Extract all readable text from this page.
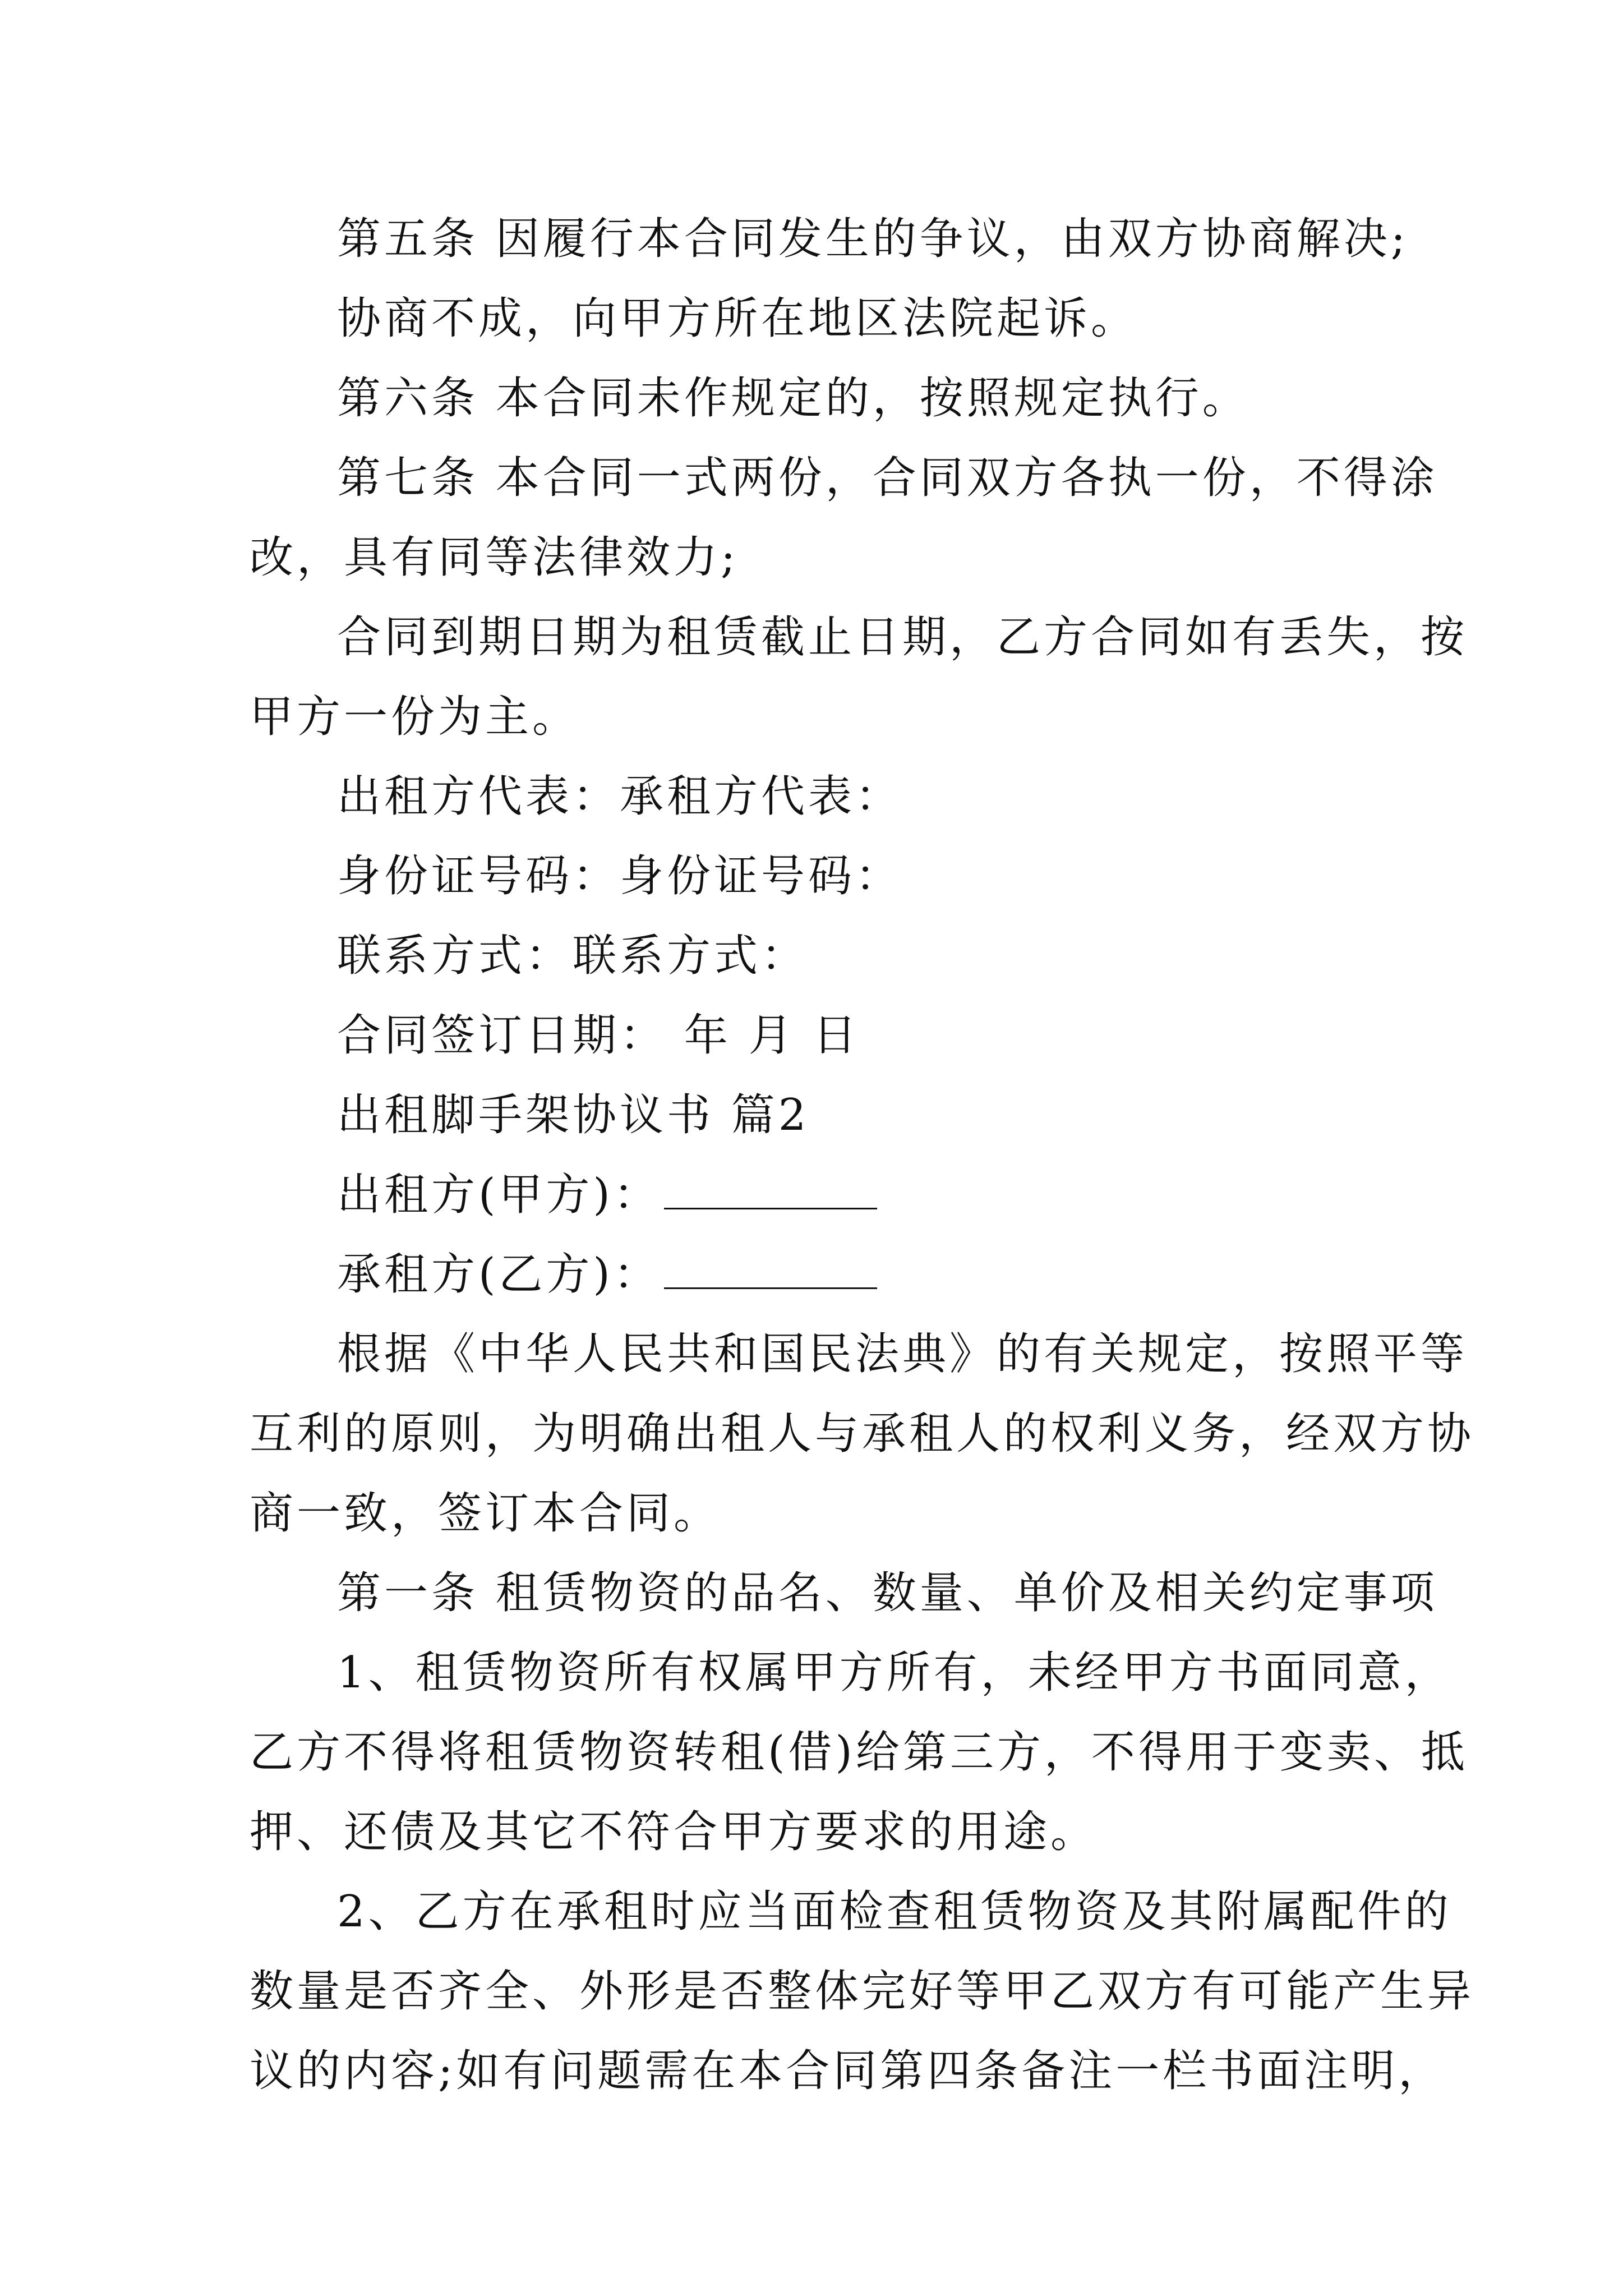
第五条 因履行本合同发生的争议，由双方协商解决;
协商不成，向甲方所在地区法院起诉。
第六条 本合同未作规定的，按照规定执行。
第七条 本合同一式两份，合同双方各执一份，不得涂
改，具有同等法律效力;
合同到期日期为租赁截止日期，乙方合同如有丢失，按
甲方一份为主。
出租方代表：承租方代表：
身份证号码：身份证号码：
联系方式：联系方式：
合同签订日期： 年 月 日
出租脚手架协议书 篇2
出租方(甲方)：
承租方(乙方)：
根据《中华人民共和国民法典》的有关规定，按照平等
互利的原则，为明确出租人与承租人的权利义务，经双方协
商一致，签订本合同。
第一条 租赁物资的品名、数量、单价及相关约定事项
1、租赁物资所有权属甲方所有，未经甲方书面同意，
乙方不得将租赁物资转租(借)给第三方，不得用于变卖、抵
押、还债及其它不符合甲方要求的用途。
2、乙方在承租时应当面检查租赁物资及其附属配件的
数量是否齐全、外形是否整体完好等甲乙双方有可能产生异
议的内容;如有问题需在本合同第四条备注一栏书面注明，
